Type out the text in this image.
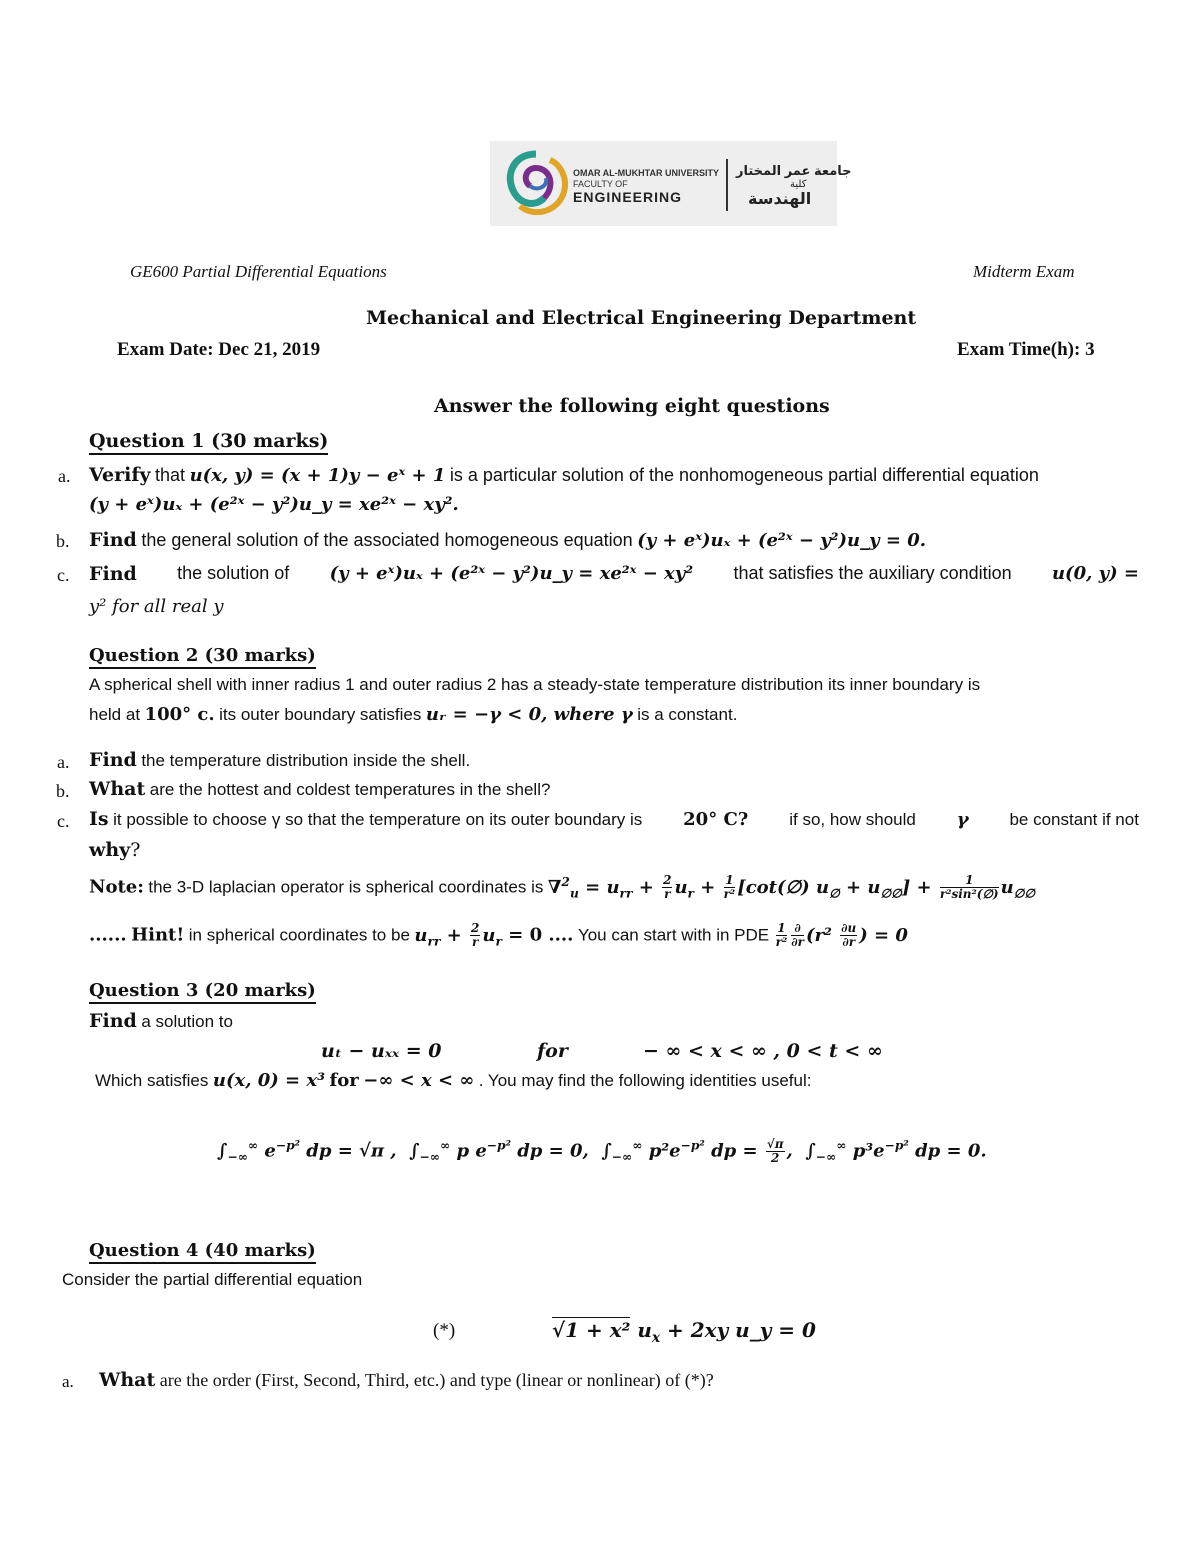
OMAR AL-MUKHTAR UNIVERSITY
FACULTY OF
ENGINEERING
جامعة عمر المختار
كلية
الهندسة
GE600 Partial Differential Equations	Midterm Exam
Mechanical and Electrical Engineering Department
Exam Date: Dec 21, 2019	Exam Time(h): 3
Answer the following eight questions
Question 1 (30 marks)
a. Verify that u(x, y) = (x + 1)y − eˣ + 1 is a particular solution of the nonhomogeneous partial differential equation
(y + eˣ)uₓ + (e²ˣ − y²)u_y = xe²ˣ − xy².
b. Find the general solution of the associated homogeneous equation (y + eˣ)uₓ + (e²ˣ − y²)u_y = 0.
c. Find the solution of (y + eˣ)uₓ + (e²ˣ − y²)u_y = xe²ˣ − xy² that satisfies the auxiliary condition u(0, y) =
y² for all real y
Question 2 (30 marks)
A spherical shell with inner radius 1 and outer radius 2 has a steady-state temperature distribution its inner boundary is
held at 100° c. its outer boundary satisfies uᵣ = −γ < 0, where γ is a constant.
a. Find the temperature distribution inside the shell.
b. What are the hottest and coldest temperatures in the shell?
c. Is it possible to choose γ so that the temperature on its outer boundary is 20° C? if so, how should γ be constant if not
why?
Note: the 3-D laplacian operator is spherical coordinates is $\nabla^2_u = u_{rr} + \frac{2}{r} u_r + \frac{1}{\text{r²}}$ [cot(∅) $u_\emptyset + u_{\emptyset\emptyset}] + \frac{1}{\text{r²sin²(∅)}} u_{\emptyset\emptyset}$
...... Hint! in spherical coordinates to be $u_{rr} + \frac{2}{r} u_r = 0$ .... You can start with in PDE $\frac{1}{\text{r²}} \frac{\partial}{\partial r} (r^2 \frac{\partial u}{\partial r}$ ) = 0
Question 3 (20 marks)
Find a solution to
uₜ − uₓₓ = 0	for	− ∞ < x < ∞ , 0 < t < ∞
Which satisfies u(x, 0) = x³ for −∞ < x < ∞ . You may find the following identities useful:
$\int_{-\infty}^\infty$ $e^{-p^2}$ dp = √π ,  $\int_{-\infty}^\infty$ p $e^{-p^2}$ dp = 0,  $\int_{-\infty}^\infty$ $p^2e^{-p^2}$ dp = $\frac{√\pi}{2}$ ,  $\int_{-\infty}^\infty$ $p^3e^{-p^2}$ dp = 0.
Question 4 (40 marks)
Consider the partial differential equation
(*)	√1 + x² $u_x + 2xy$ u_y = 0
a. What are the order (First, Second, Third, etc.) and type (linear or nonlinear) of (*)?
